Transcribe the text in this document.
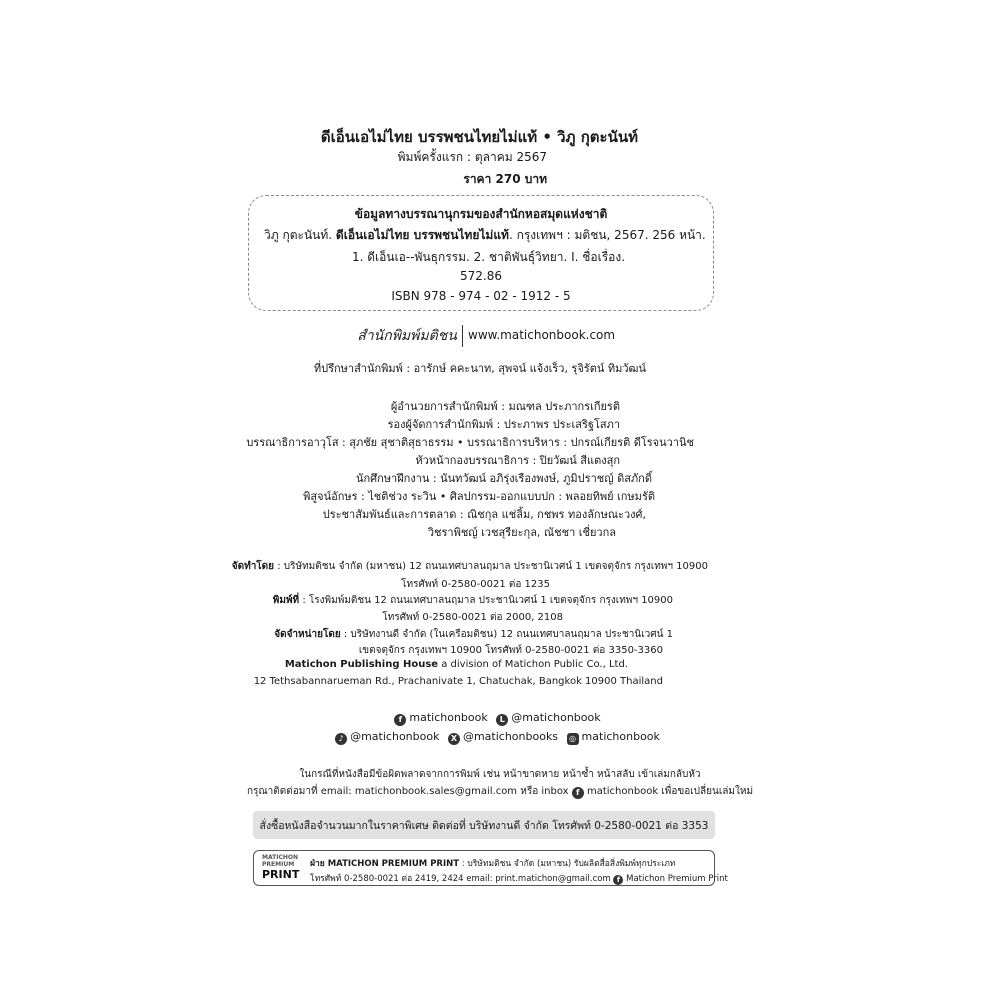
ดีเอ็นเอไม่ไทย บรรพชนไทยไม่แท้ • วิภู กุตะนันท์
พิมพ์ครั้งแรก : ตุลาคม 2567
ราคา 270 บาท
ข้อมูลทางบรรณานุกรมของสำนักหอสมุดแห่งชาติ
วิภู กุตะนันท์. ดีเอ็นเอไม่ไทย บรรพชนไทยไม่แท้. กรุงเทพฯ : มติชน, 2567. 256 หน้า.
1. ดีเอ็นเอ--พันธุกรรม. 2. ชาติพันธุ์วิทยา. I. ชื่อเรื่อง.
572.86
ISBN 978 - 974 - 02 - 1912 - 5
สำนักพิมพ์มติชน www.matichonbook.com
ที่ปรึกษาสำนักพิมพ์ : อารักษ์ คคะนาท, สุพจน์ แจ้งเร็ว, รุจิรัตน์ ทิมวัฒน์
ผู้อำนวยการสำนักพิมพ์ : มณฑล ประภากรเกียรติ
รองผู้จัดการสำนักพิมพ์ : ประภาพร ประเสริฐโสภา
บรรณาธิการอาวุโส : สุภชัย สุชาติสุธาธรรม • บรรณาธิการบริหาร : ปกรณ์เกียรติ ดีโรจนวานิช
หัวหน้ากองบรรณาธิการ : ปิยวัฒน์ สีแตงสุก
นักศึกษาฝึกงาน : นันทวัฒน์ อภิรุ่งเรืองพงษ์, ภูมิปราชญ์ ดิสภักดิ์
พิสูจน์อักษร : ไชติช่วง ระวิน • ศิลปกรรม-ออกแบบปก : พลอยทิพย์ เกษมรัติ
ประชาสัมพันธ์และการตลาด : ณิชกุล แช่ลิ้ม, กชพร ทองลักษณะวงศ์,
วิชราพิชญ์ เวชสุรียะกุล, ณัชชา เชี่ยวกล
จัดทำโดย : บริษัทมติชน จำกัด (มหาชน) 12 ถนนเทศบาลนฤมาล ประชานิเวศน์ 1 เขตจตุจักร กรุงเทพฯ 10900
โทรศัพท์ 0-2580-0021 ต่อ 1235
พิมพ์ที่ : โรงพิมพ์มติชน 12 ถนนเทศบาลนฤมาล ประชานิเวศน์ 1 เขตจตุจักร กรุงเทพฯ 10900
โทรศัพท์ 0-2580-0021 ต่อ 2000, 2108
จัดจำหน่ายโดย : บริษัทงานดี จำกัด (ในเครือมติชน) 12 ถนนเทศบาลนฤมาล ประชานิเวศน์ 1
เขตจตุจักร กรุงเทพฯ 10900 โทรศัพท์ 0-2580-0021 ต่อ 3350-3360
Matichon Publishing House a division of Matichon Public Co., Ltd.
12 Tethsabannarueman Rd., Prachanivate 1, Chatuchak, Bangkok 10900 Thailand
f matichonbook L @matichonbook
♪ @matichonbook X @matichonbooks ◎ matichonbook
ในกรณีที่หนังสือมีข้อผิดพลาดจากการพิมพ์ เช่น หน้าขาดหาย หน้าซ้ำ หน้าสลับ เข้าเล่มกลับหัว
กรุณาติดต่อมาที่ email: matichonbook.sales@gmail.com หรือ inbox f matichonbook เพื่อขอเปลี่ยนเล่มใหม่
สั่งซื้อหนังสือจำนวนมากในราคาพิเศษ ติดต่อที่ บริษัทงานดี จำกัด โทรศัพท์ 0-2580-0021 ต่อ 3353
MATICHON
PREMIUM
PRINT
ฝ่าย MATICHON PREMIUM PRINT : บริษัทมติชน จำกัด (มหาชน) รับผลิตสื่อสิ่งพิมพ์ทุกประเภท
โทรศัพท์ 0-2580-0021 ต่อ 2419, 2424 email: print.matichon@gmail.com f Matichon Premium Print
